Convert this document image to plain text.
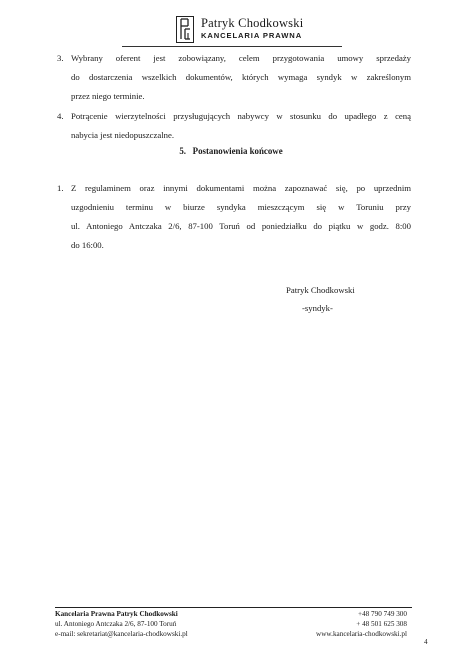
Patryk Chodkowski
KANCELARIA PRAWNA
3. Wybrany oferent jest zobowiązany, celem przygotowania umowy sprzedaży
do dostarczenia wszelkich dokumentów, których wymaga syndyk w zakreślonym
przez niego terminie.
4. Potrącenie wierzytelności przysługujących nabywcy w stosunku do upadłego z ceną
nabycia jest niedopuszczalne.
5.   Postanowienia końcowe
1. Z regulaminem oraz innymi dokumentami można zapoznawać się, po uprzednim
uzgodnieniu terminu w biurze syndyka mieszczącym się w Toruniu przy
ul. Antoniego Antczaka 2/6, 87-100 Toruń od poniedziałku do piątku w godz. 8:00
do 16:00.
Patryk Chodkowski
-syndyk-
Kancelaria Prawna Patryk Chodkowski
ul. Antoniego Antczaka 2/6, 87-100 Toruń
e-mail: sekretariat@kancelaria-chodkowski.pl
+48 790 749 300
+ 48 501 625 308
www.kancelaria-chodkowski.pl
4
